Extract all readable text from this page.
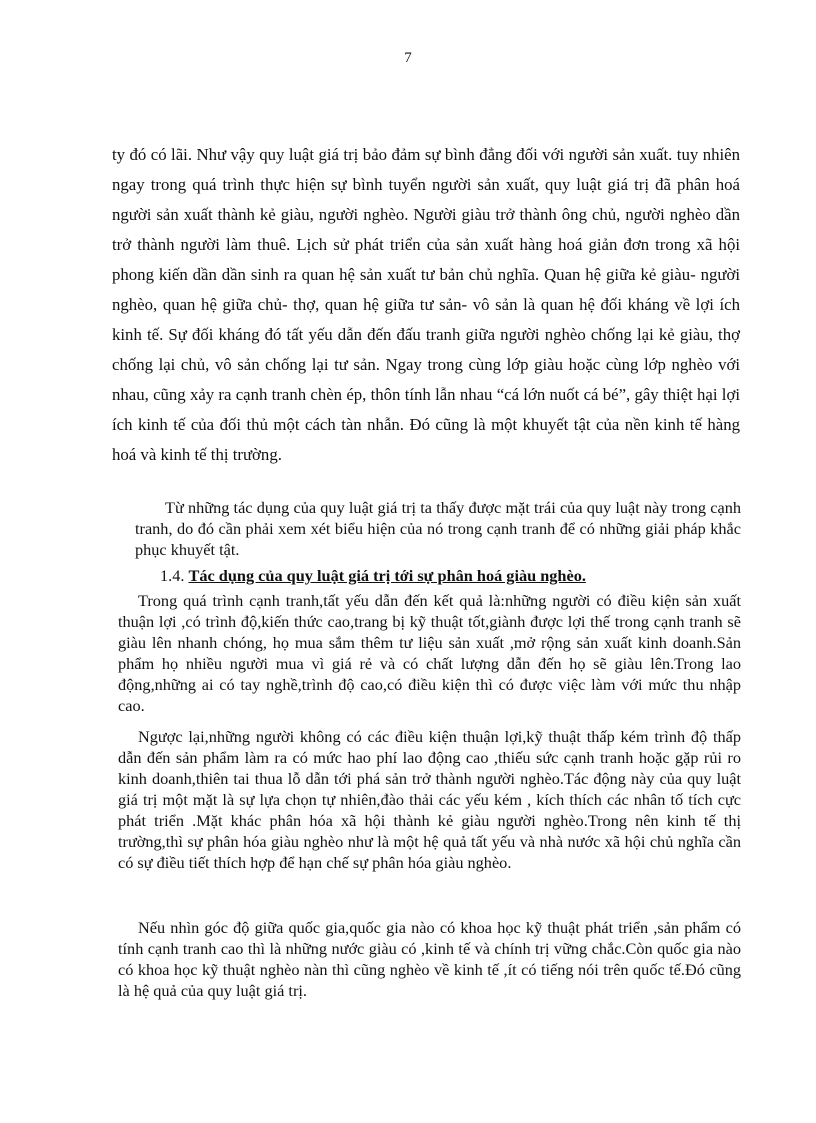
7

ty đó có lãi. Như vậy quy luật giá trị bảo đảm sự bình đẳng đối với người sản xuất. tuy nhiên ngay trong quá trình thực hiện sự bình tuyển người sản xuất, quy luật giá trị đã phân hoá người sản xuất thành kẻ giàu, người nghèo. Người giàu trở thành ông chủ, người nghèo dần trở thành người làm thuê. Lịch sử phát triển của sản xuất hàng hoá giản đơn trong xã hội phong kiến dần dần sinh ra quan hệ sản xuất tư bản chủ nghĩa. Quan hệ giữa kẻ giàu- người nghèo, quan hệ giữa chủ- thợ, quan hệ giữa tư sản- vô sản là quan hệ đối kháng về lợi ích kinh tế. Sự đối kháng đó tất yếu dẫn đến đấu tranh giữa người nghèo chống lại kẻ giàu, thợ chống lại chủ, vô sản chống lại tư sản. Ngay trong cùng lớp giàu hoặc cùng lớp nghèo với nhau, cũng xảy ra cạnh tranh chèn ép, thôn tính lẫn nhau “cá lớn nuốt cá bé”, gây thiệt hại lợi ích kinh tế của đối thủ một cách tàn nhẫn. Đó cũng là một khuyết tật của nền kinh tế hàng hoá và kinh tế thị trường.

Từ những tác dụng của quy luật giá trị ta thấy được mặt trái của quy luật này trong cạnh tranh, do đó cần phải xem xét biểu hiện của nó trong cạnh tranh để có những giải pháp khắc phục khuyết tật.

1.4. Tác dụng của quy luật giá trị tới sự phân hoá giàu nghèo.

Trong quá trình cạnh tranh,tất yếu dẫn đến kết quả là:những người có điều kiện sản xuất thuận lợi ,có trình độ,kiến thức cao,trang bị kỹ thuật tốt,giành được lợi thế trong cạnh tranh sẽ giàu lên nhanh chóng, họ mua sắm thêm tư liệu sản xuất ,mở rộng sản xuất kinh doanh.Sản phẩm họ nhiều người mua vì giá rẻ và có chất lượng dẫn đến họ sẽ giàu lên.Trong lao động,những ai có tay nghề,trình độ cao,có điều kiện thì có được việc làm với mức thu nhập cao.

Ngược lại,những người không có các điều kiện thuận lợi,kỹ thuật thấp kém trình độ thấp dẫn đến sản phẩm làm ra có mức hao phí lao động cao ,thiếu sức cạnh tranh hoặc gặp rủi ro kinh doanh,thiên tai thua lỗ dẫn tới phá sản trở thành người nghèo.Tác động này của quy luật giá trị một mặt là sự lựa chọn tự nhiên,đào thải các yếu kém , kích thích các nhân tố tích cực phát triển .Mặt khác phân hóa xã hội thành kẻ giàu người nghèo.Trong nên kinh tế thị trường,thì sự phân hóa giàu nghèo như là một hệ quả tất yếu và nhà nước xã hội chủ nghĩa cần có sự điều tiết thích hợp để hạn chế sự phân hóa giàu nghèo.

Nếu nhìn góc độ giữa quốc gia,quốc gia nào có khoa học kỹ thuật phát triển ,sản phẩm có tính cạnh tranh cao thì là những nước giàu có ,kinh tế và chính trị vững chắc.Còn quốc gia nào có khoa học kỹ thuật nghèo nàn thì cũng nghèo về kinh tế ,ít có tiếng nói trên quốc tế.Đó cũng là hệ quả của quy luật giá trị.
